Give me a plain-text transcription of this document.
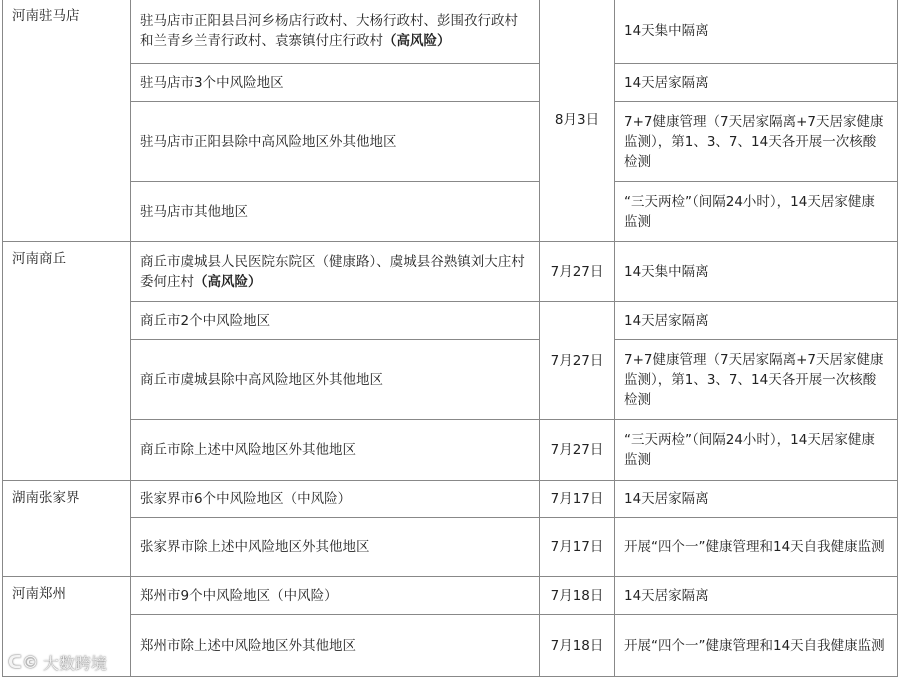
河南驻马店	驻马店市正阳县吕河乡杨店行政村、大杨行政村、彭围孜行政村和兰青乡兰青行政村、袁寨镇付庄行政村（高风险）	8月3日	14天集中隔离
	驻马店市3个中风险地区		14天居家隔离
	驻马店市正阳县除中高风险地区外其他地区		7+7健康管理（7天居家隔离+7天居家健康监测），第1、3、7、14天各开展一次核酸检测
	驻马店市其他地区		“三天两检”（间隔24小时），14天居家健康监测
河南商丘	商丘市虞城县人民医院东院区（健康路）、虞城县谷熟镇刘大庄村委何庄村（高风险）	7月27日	14天集中隔离
	商丘市2个中风险地区	7月27日	14天居家隔离
	商丘市虞城县除中高风险地区外其他地区		7+7健康管理（7天居家隔离+7天居家健康监测），第1、3、7、14天各开展一次核酸检测
	商丘市除上述中风险地区外其他地区	7月27日	“三天两检”（间隔24小时），14天居家健康监测
湖南张家界	张家界市6个中风险地区（中风险）	7月17日	14天居家隔离
	张家界市除上述中风险地区外其他地区	7月17日	开展“四个一”健康管理和14天自我健康监测
河南郑州	郑州市9个中风险地区（中风险）	7月18日	14天居家隔离
	郑州市除上述中风险地区外其他地区	7月18日	开展“四个一”健康管理和14天自我健康监测
ᑕ© 大数跨境
